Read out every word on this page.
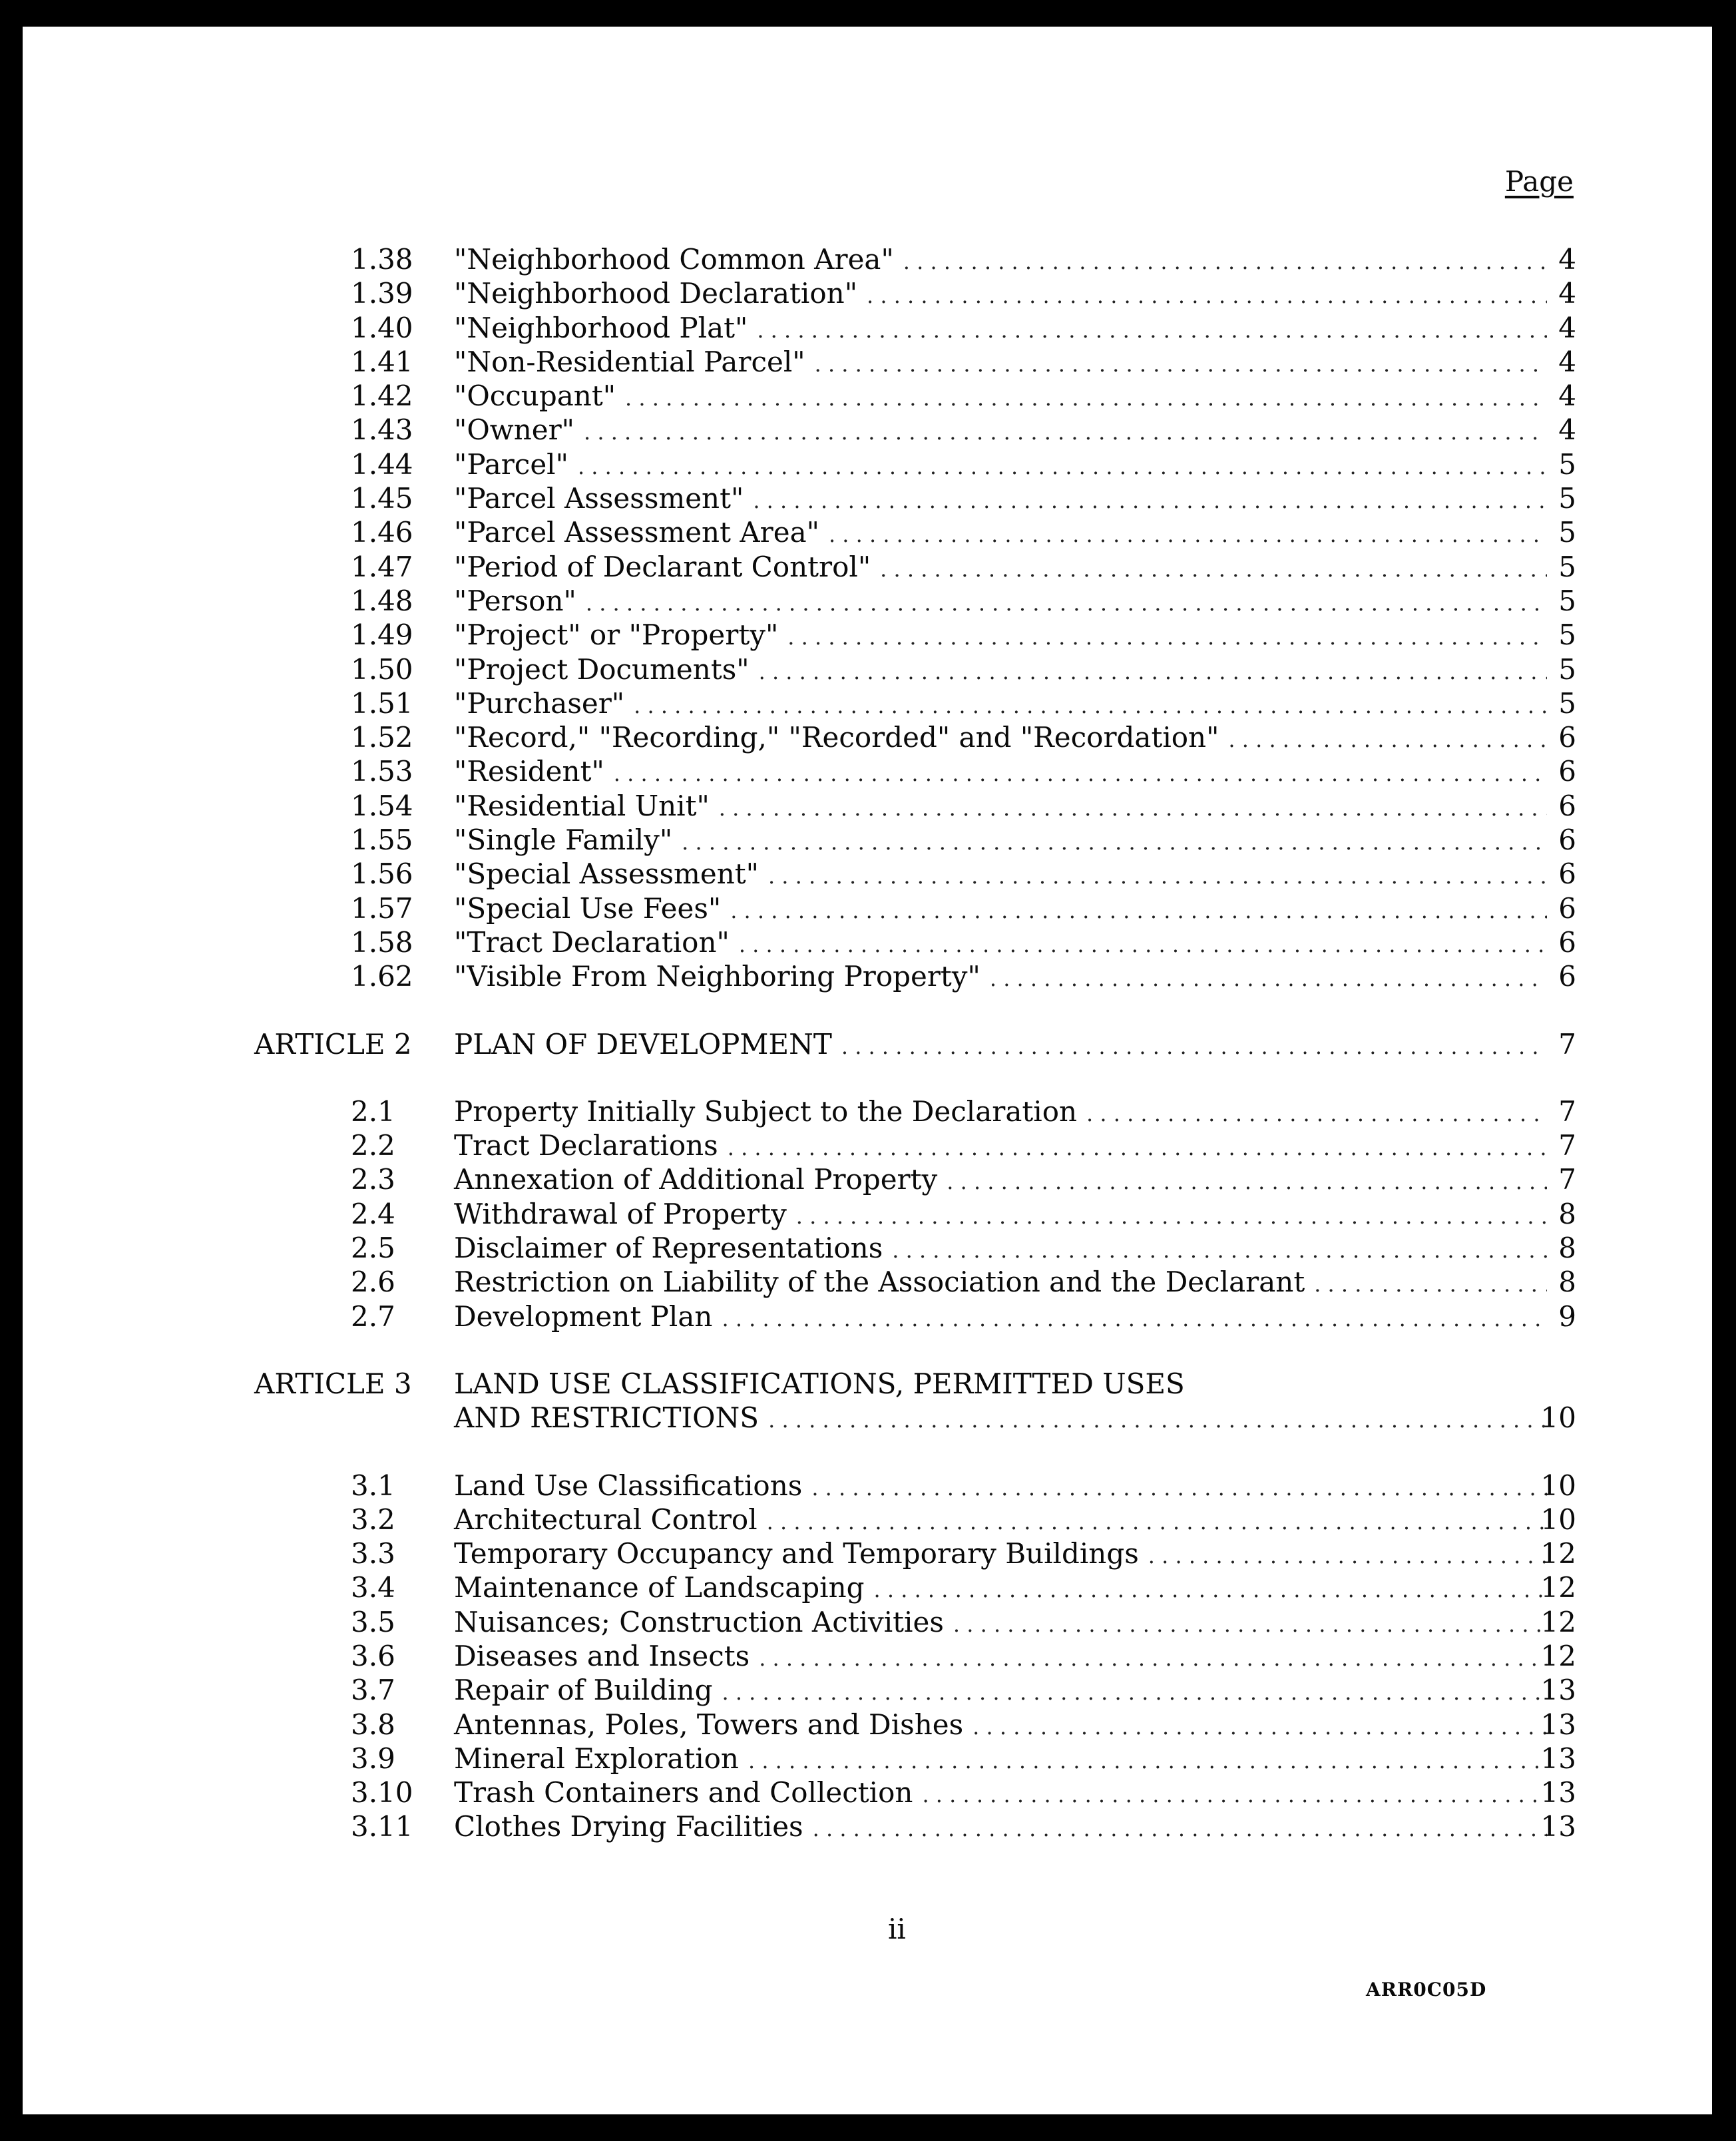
Page
1.38 "Neighborhood Common Area" . . .	4
1.39 "Neighborhood Declaration" . . .	4
1.40 "Neighborhood Plat" . . .	4
1.41 "Non-Residential Parcel" . . .	4
1.42 "Occupant" . . .	4
1.43 "Owner" . . .	4
1.44 "Parcel" . . .	5
1.45 "Parcel Assessment" . . .	5
1.46 "Parcel Assessment Area" . . .	5
1.47 "Period of Declarant Control" . . .	5
1.48 "Person" . . .	5
1.49 "Project" or "Property" . . .	5
1.50 "Project Documents" . . .	5
1.51 "Purchaser" . . .	5
1.52 "Record," "Recording," "Recorded" and "Recordation" . . .	6
1.53 "Resident" . . .	6
1.54 "Residential Unit" . . .	6
1.55 "Single Family" . . .	6
1.56 "Special Assessment" . . .	6
1.57 "Special Use Fees" . . .	6
1.58 "Tract Declaration" . . .	6
1.62 "Visible From Neighboring Property" . . .	6
ARTICLE 2 PLAN OF DEVELOPMENT . . .	7
2.1 Property Initially Subject to the Declaration . . .	7
2.2 Tract Declarations . . .	7
2.3 Annexation of Additional Property . . .	7
2.4 Withdrawal of Property . . .	8
2.5 Disclaimer of Representations . . .	8
2.6 Restriction on Liability of the Association and the Declarant . . .	8
2.7 Development Plan . . .	9
ARTICLE 3 LAND USE CLASSIFICATIONS, PERMITTED USES
AND RESTRICTIONS . . .	10
3.1 Land Use Classifications . . .	10
3.2 Architectural Control . . .	10
3.3 Temporary Occupancy and Temporary Buildings . . .	12
3.4 Maintenance of Landscaping . . .	12
3.5 Nuisances; Construction Activities . . .	12
3.6 Diseases and Insects . . .	12
3.7 Repair of Building . . .	13
3.8 Antennas, Poles, Towers and Dishes . . .	13
3.9 Mineral Exploration . . .	13
3.10 Trash Containers and Collection . . .	13
3.11 Clothes Drying Facilities . . .	13
ii
ARR0C05D
